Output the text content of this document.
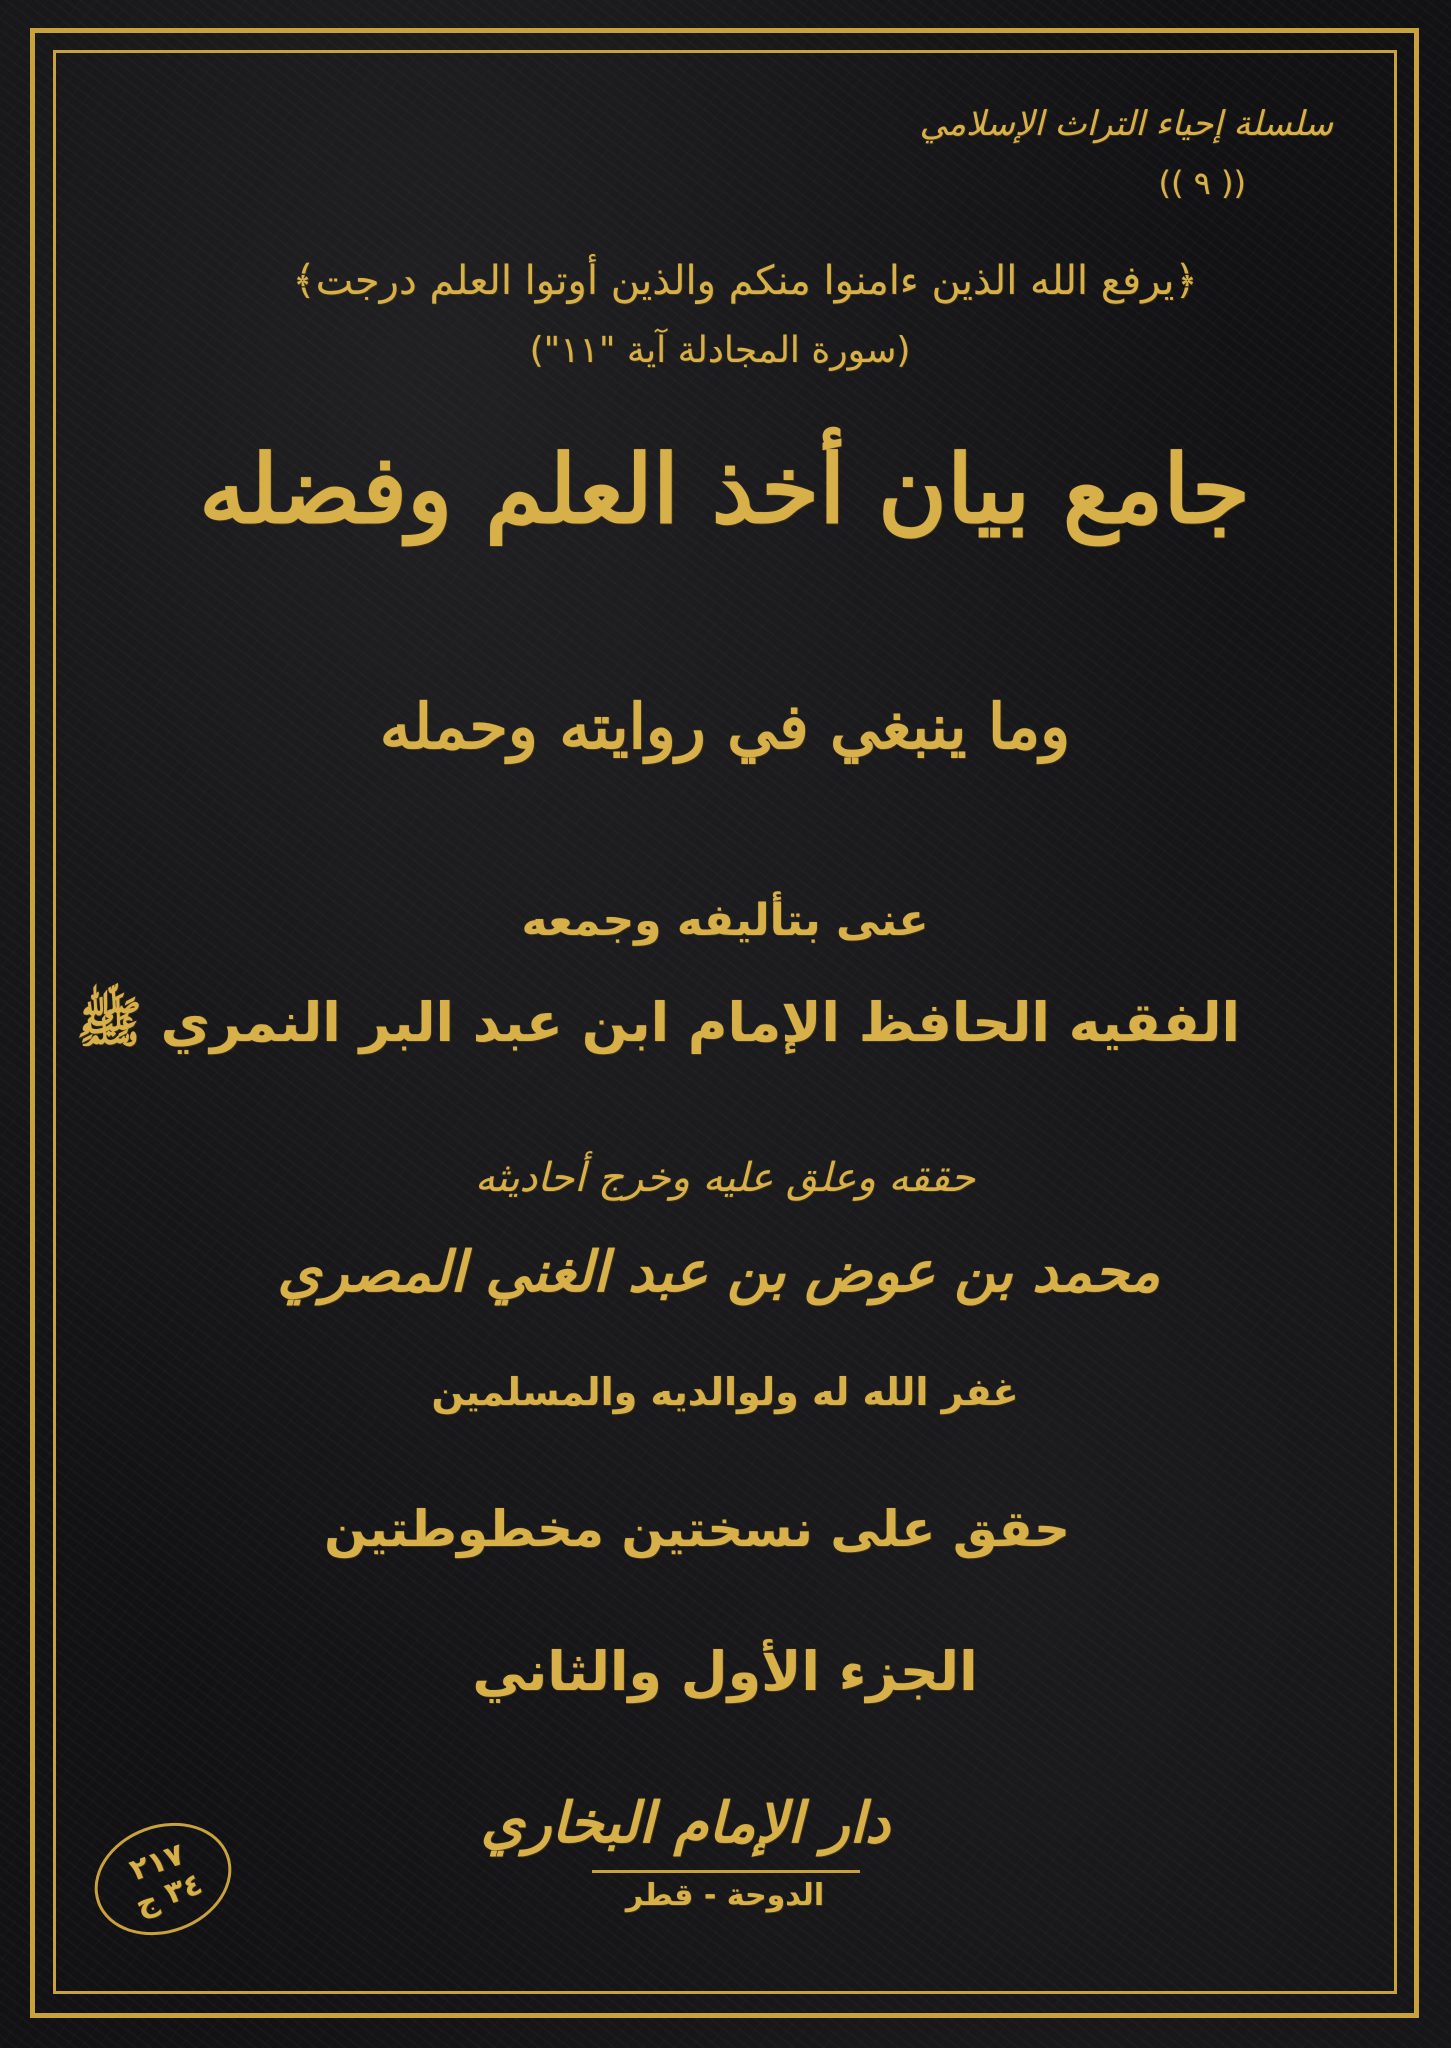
سلسلة إحياء التراث الإسلامي
(( ٩ ))
﴿يرفع الله الذين ءامنوا منكم والذين أوتوا العلم درجت﴾
(سورة المجادلة آية "١١")
جامع بيان أخذ العلم وفضله
وما ينبغي في روايته وحمله
عنى بتأليفه وجمعه
الفقيه الحافظ الإمام ابن عبد البر النمري ﷺ
حققه وعلق عليه وخرج أحاديثه
محمد بن عوض بن عبد الغني المصري
غفر الله له ولوالديه والمسلمين
حقق على نسختين مخطوطتين
الجزء الأول والثاني
دار الإمام البخاري
الدوحة - قطر
٢١٧
٣٤ ج
